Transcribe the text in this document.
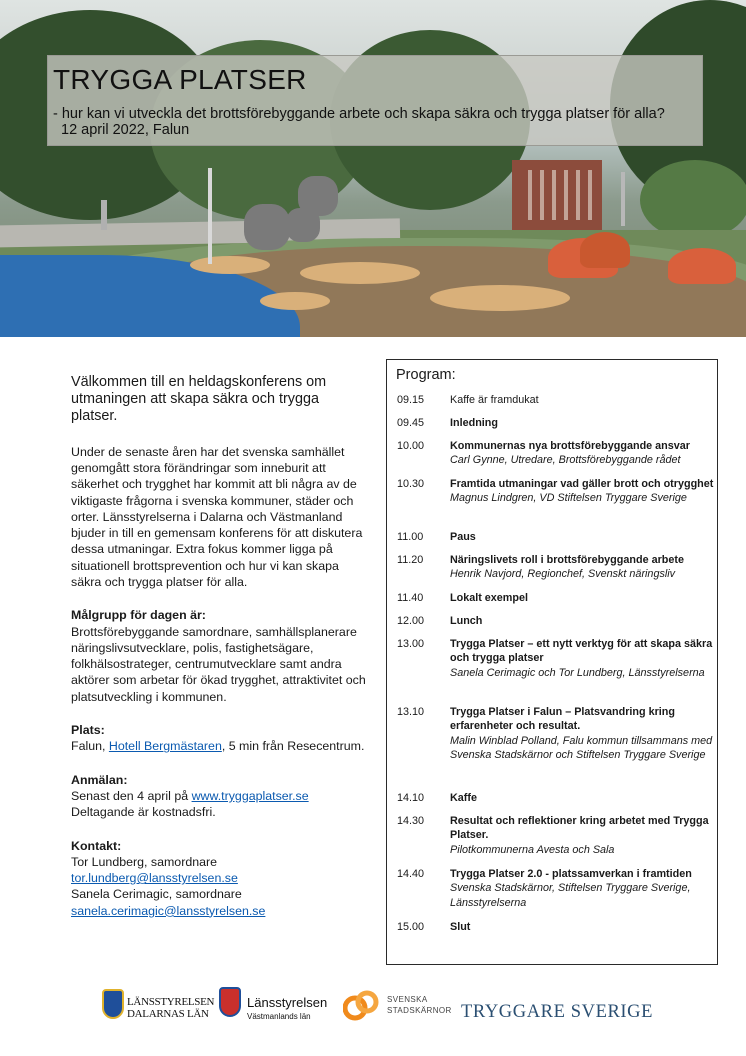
TRYGGA PLATSER
- hur kan vi utveckla det brottsförebyggande arbete och skapa säkra och trygga platser för alla?
12 april 2022, Falun
Välkommen till en heldagskonferens om utmaningen att skapa säkra och trygga platser.
Under de senaste åren har det svenska samhället genomgått stora förändringar som inneburit att säkerhet och trygghet har kommit att bli några av de viktigaste frågorna i svenska kommuner, städer och orter. Länsstyrelserna i Dalarna och Västmanland bjuder in till en gemensam konferens för att diskutera dessa utmaningar. Extra fokus kommer ligga på situationell brottsprevention och hur vi kan skapa säkra och trygga platser för alla.
Målgrupp för dagen är:
Brottsförebyggande samordnare, samhällsplanerare näringslivsutvecklare, polis, fastighetsägare, folkhälsostrateger, centrumutvecklare samt andra aktörer som arbetar för ökad trygghet, attraktivitet och platsutveckling i kommunen.
Plats:
Falun, Hotell Bergmästaren, 5 min från Resecentrum.
Anmälan:
Senast den 4 april på www.tryggaplatser.se
Deltagande är kostnadsfri.
Kontakt:
Tor Lundberg, samordnare
tor.lundberg@lansstyrelsen.se
Sanela Cerimagic, samordnare
sanela.cerimagic@lansstyrelsen.se
Program:
09.15	Kaffe är framdukat
09.45	Inledning
10.00	Kommunernas nya brottsförebyggande ansvar
Carl Gynne, Utredare, Brottsförebyggande rådet
10.30	Framtida utmaningar vad gäller brott och otrygghet
Magnus Lindgren, VD Stiftelsen Tryggare Sverige
11.00	Paus
11.20	Näringslivets roll i brottsförebyggande arbete
Henrik Navjord, Regionchef, Svenskt näringsliv
11.40	Lokalt exempel
12.00	Lunch
13.00	Trygga Platser – ett nytt verktyg för att skapa säkra och trygga platser
Sanela Cerimagic och Tor Lundberg, Länsstyrelserna
13.10	Trygga Platser i Falun – Platsvandring kring erfarenheter och resultat.
Malin Winblad Polland, Falu kommun tillsammans med Svenska Stadskärnor och Stiftelsen Tryggare Sverige
14.10	Kaffe
14.30	Resultat och reflektioner kring arbetet med Trygga Platser.
Pilotkommunerna Avesta och Sala
14.40	Trygga Platser 2.0 - platssamverkan i framtiden
Svenska Stadskärnor, Stiftelsen Tryggare Sverige, Länsstyrelserna
15.00	Slut
LÄNSSTYRELSEN
DALARNAS LÄN
Länsstyrelsen
Västmanlands län
SVENSKA
STADSKÄRNOR TRYGGARE SVERIGE
